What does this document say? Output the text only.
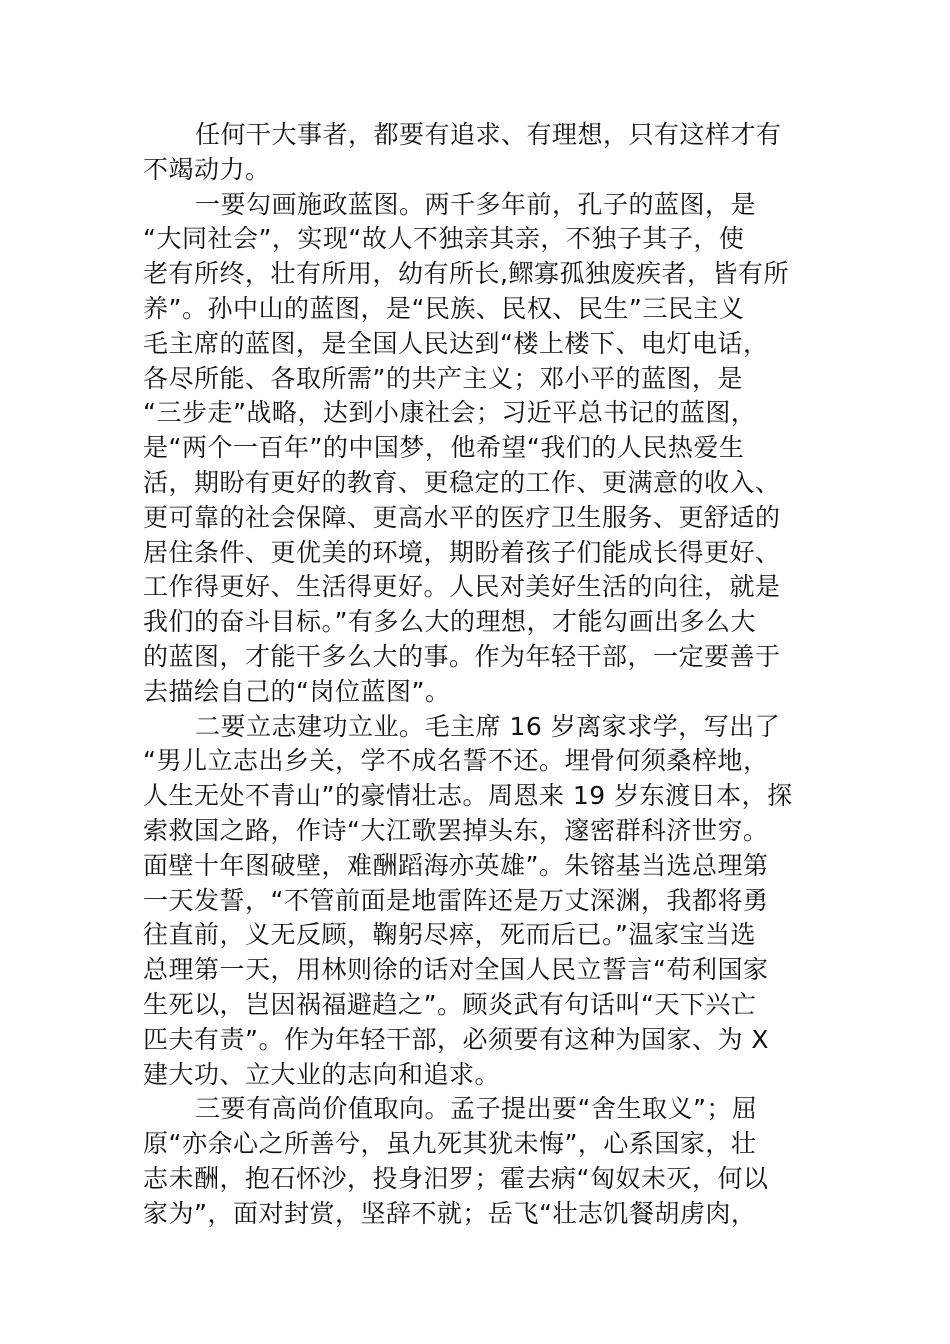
任何干大事者，都要有追求、有理想，只有这样才有
不竭动力。
一要勾画施政蓝图。两千多年前，孔子的蓝图，是
“大同社会”，实现“故人不独亲其亲，不独子其子，使
老有所终，壮有所用，幼有所长,鳏寡孤独废疾者，皆有所
养”。孙中山的蓝图，是“民族、民权、民生”三民主义
毛主席的蓝图，是全国人民达到“楼上楼下、电灯电话，
各尽所能、各取所需”的共产主义；邓小平的蓝图，是
“三步走”战略，达到小康社会；习近平总书记的蓝图，
是“两个一百年”的中国梦，他希望“我们的人民热爱生
活，期盼有更好的教育、更稳定的工作、更满意的收入、
更可靠的社会保障、更高水平的医疗卫生服务、更舒适的
居住条件、更优美的环境，期盼着孩子们能成长得更好、
工作得更好、生活得更好。人民对美好生活的向往，就是
我们的奋斗目标。”有多么大的理想，才能勾画出多么大
的蓝图，才能干多么大的事。作为年轻干部，一定要善于
去描绘自己的“岗位蓝图”。
二要立志建功立业。毛主席 16 岁离家求学，写出了
“男儿立志出乡关，学不成名誓不还。埋骨何须桑梓地，
人生无处不青山”的豪情壮志。周恩来 19 岁东渡日本，探
索救国之路，作诗“大江歌罢掉头东，邃密群科济世穷。
面壁十年图破壁，难酬蹈海亦英雄”。朱镕基当选总理第
一天发誓，“不管前面是地雷阵还是万丈深渊，我都将勇
往直前，义无反顾，鞠躬尽瘁，死而后已。”温家宝当选
总理第一天，用林则徐的话对全国人民立誓言“苟利国家
生死以，岂因祸福避趋之”。顾炎武有句话叫“天下兴亡
匹夫有责”。作为年轻干部，必须要有这种为国家、为 X
建大功、立大业的志向和追求。
三要有高尚价值取向。孟子提出要“舍生取义”；屈
原“亦余心之所善兮，虽九死其犹未悔”，心系国家，壮
志未酬，抱石怀沙，投身汨罗；霍去病“匈奴未灭，何以
家为”，面对封赏，坚辞不就；岳飞“壮志饥餐胡虏肉，
